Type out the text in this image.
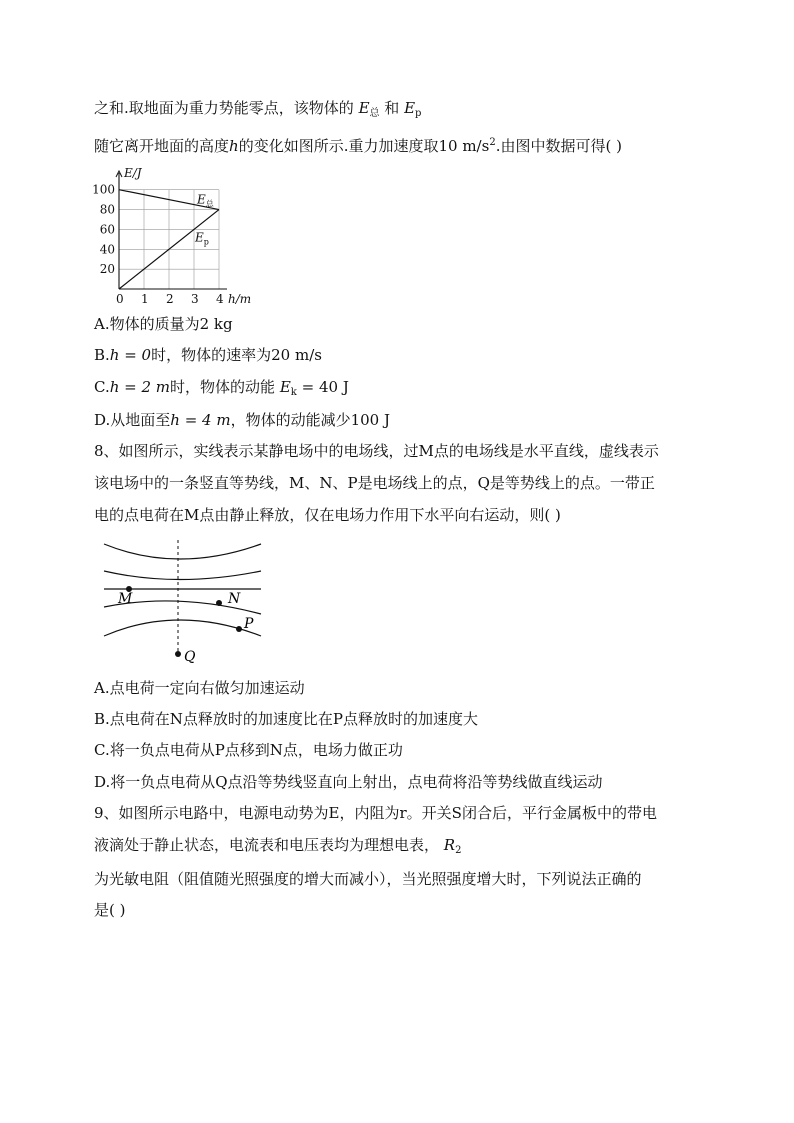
之和.取地面为重力势能零点，该物体的 $E_总$ 和 $E_p$
随它离开地面的高度h的变化如图所示.重力加速度取10 $m/s^2$.由图中数据可得( )
0 1 2 3 4
20
40
60
80
100
E/J
h/m
$E_总$
$E_p$
A.物体的质量为2 kg
B.h = 0时，物体的速率为20 m/s
C.h = 2 m时，物体的动能 $E_k = 40$ J
D.从地面至h = 4 m，物体的动能减少100 J
8、如图所示，实线表示某静电场中的电场线，过M点的电场线是水平直线，虚线表示
该电场中的一条竖直等势线，M、N、P是电场线上的点，Q是等势线上的点。一带正
电的点电荷在M点由静止释放，仅在电场力作用下水平向右运动，则( )
M	N
P
Q
A.点电荷一定向右做匀加速运动
B.点电荷在N点释放时的加速度比在P点释放时的加速度大
C.将一负点电荷从P点移到N点，电场力做正功
D.将一负点电荷从Q点沿等势线竖直向上射出，点电荷将沿等势线做直线运动
9、如图所示电路中，电源电动势为E，内阻为r。开关S闭合后，平行金属板中的带电
液滴处于静止状态，电流表和电压表均为理想电表， $R_2$
为光敏电阻（阻值随光照强度的增大而减小），当光照强度增大时，下列说法正确的
是( )
